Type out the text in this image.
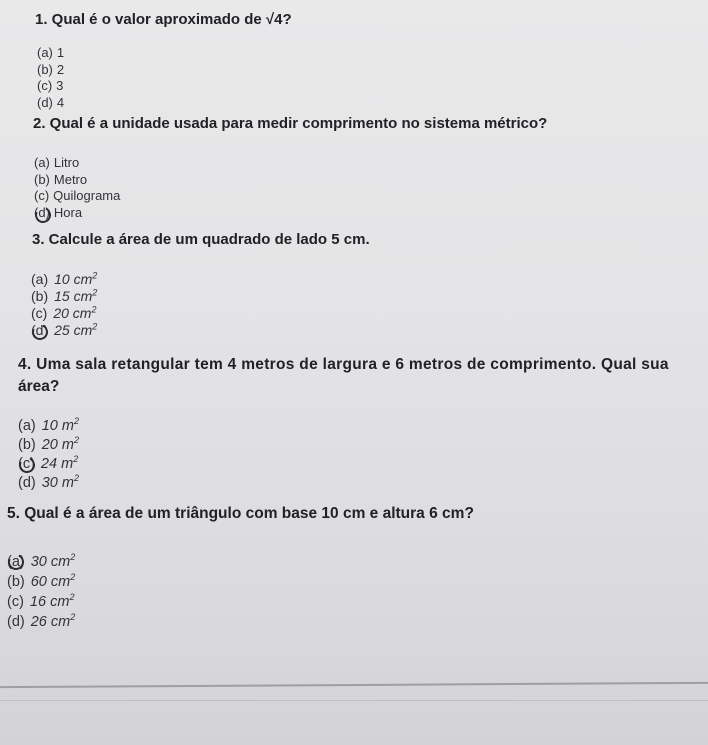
1. Qual é o valor aproximado de √4?
(a) 1
(b) 2
(c) 3
(d) 4
2. Qual é a unidade usada para medir comprimento no sistema métrico?
(a) Litro
(b) Metro
(c) Quilograma
(d) Hora
3. Calcule a área de um quadrado de lado 5 cm.
(a) 10 $cm^2$
(b) 15 $cm^2$
(c) 20 $cm^2$
(d) 25 $cm^2$
4. Uma sala retangular tem 4 metros de largura e 6 metros de comprimento. Qual sua
área?
(a) 10 $m^2$
(b) 20 $m^2$
(c) 24 $m^2$
(d) 30 $m^2$
5. Qual é a área de um triângulo com base 10 cm e altura 6 cm?
(a) 30 $cm^2$
(b) 60 $cm^2$
(c) 16 $cm^2$
(d) 26 $cm^2$
